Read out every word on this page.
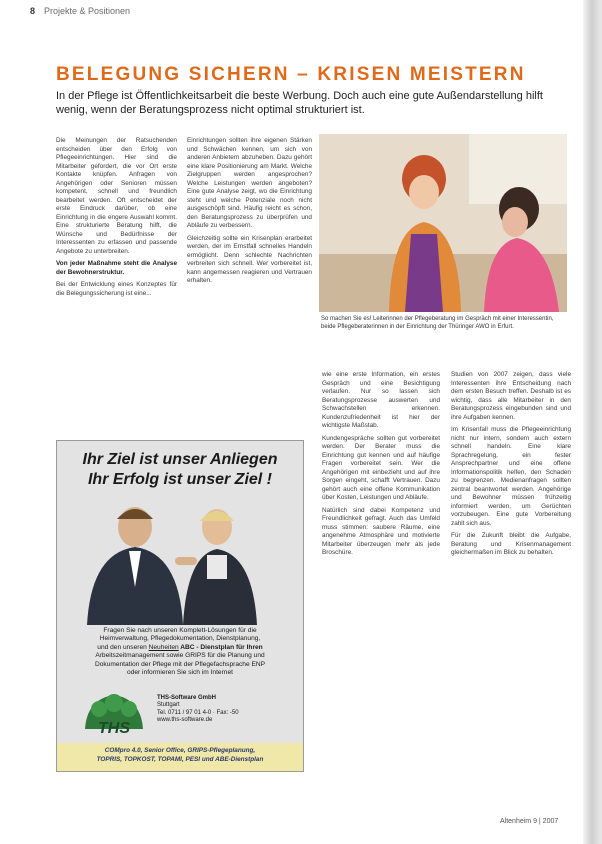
8 Projekte & Positionen
BELEGUNG SICHERN – KRISEN MEISTERN
In der Pflege ist Öffentlichkeitsarbeit die beste Werbung. Doch auch eine gute Außendarstellung hilft wenig, wenn der Beratungsprozess nicht optimal strukturiert ist.

Die Meinungen der Ratsuchenden entscheiden über den Erfolg von Pflegeeinrichtungen. Hier sind die Mitarbeiter gefordert, die vor Ort erste Kontakte knüpfen. Anfragen von Angehörigen oder Senioren müssen kompetent, schnell und freundlich bearbeitet werden. Oft entscheidet der erste Eindruck darüber, ob eine Einrichtung in die engere Auswahl kommt. Eine strukturierte Beratung hilft, die Wünsche und Bedürfnisse der Interessenten zu erfassen und passende Angebote zu unterbreiten.

Von jeder Maßnahme steht die Analyse der Bewohnerstruktur.

Bei der Entwicklung eines Konzeptes für die Belegungssicherung ist eine...

Einrichtungen sollten ihre eigenen Stärken und Schwächen kennen, um sich von anderen Anbietern abzuheben. Dazu gehört eine klare Positionierung am Markt. Welche Zielgruppen werden angesprochen? Welche Leistungen werden angeboten? Eine gute Analyse zeigt, wo die Einrichtung steht und welche Potenziale noch nicht ausgeschöpft sind. Häufig reicht es schon, den Beratungsprozess zu überprüfen und Abläufe zu verbessern.

Gleichzeitig sollte ein Krisenplan erarbeitet werden, der im Ernstfall schnelles Handeln ermöglicht. Denn schlechte Nachrichten verbreiten sich schnell. Wer vorbereitet ist, kann angemessen reagieren und Vertrauen erhalten.

So machen Sie es! Leiterinnen der Pflegeberatung im Gespräch mit einer Interessentin, beide Pflegeberaterinnen in der Einrichtung der Thüringer AWO in Erfurt.

wie eine erste Information, ein erstes Gespräch und eine Besichtigung verlaufen. Nur so lassen sich Beratungsprozesse auswerten und Schwachstellen erkennen. Kundenzufriedenheit ist hier der wichtigste Maßstab.

Kundengespräche sollten gut vorbereitet werden. Der Berater muss die Einrichtung gut kennen und auf häufige Fragen vorbereitet sein. Wer die Angehörigen mit einbezieht und auf ihre Sorgen eingeht, schafft Vertrauen. Dazu gehört auch eine offene Kommunikation über Kosten, Leistungen und Abläufe.

Natürlich sind dabei Kompetenz und Freundlichkeit gefragt. Auch das Umfeld muss stimmen: saubere Räume, eine angenehme Atmosphäre und motivierte Mitarbeiter überzeugen mehr als jede Broschüre.

Studien von 2007 zeigen, dass viele Interessenten ihre Entscheidung nach dem ersten Besuch treffen. Deshalb ist es wichtig, dass alle Mitarbeiter in den Beratungsprozess eingebunden sind und ihre Aufgaben kennen.

Im Krisenfall muss die Pflegeeinrichtung nicht nur intern, sondern auch extern schnell handeln. Eine klare Sprachregelung, ein fester Ansprechpartner und eine offene Informationspolitik helfen, den Schaden zu begrenzen. Medienanfragen sollten zentral beantwortet werden. Angehörige und Bewohner müssen frühzeitig informiert werden, um Gerüchten vorzubeugen. Eine gute Vorbereitung zahlt sich aus.

Für die Zukunft bleibt die Aufgabe, Beratung und Krisenmanagement gleichermaßen im Blick zu behalten.

Ihr Ziel ist unser Anliegen
Ihr Erfolg ist unser Ziel !
Fragen Sie nach unseren Komplett-Lösungen für die
Heimverwaltung, Pflegedokumentation, Dienstplanung,
und den unseren Neuheiten ABC - Dienstplan für Ihren
Arbeitszeitmanagement sowie GRIPS für die Planung und
Dokumentation der Pflege mit der Pflegefachsprache ENP
oder informieren Sie sich im Internet
THS
THS-Software GmbH
Stuttgart
Tel. 0711 / 97 01 4-0 · Fax: -50
www.ths-software.de
COMpro 4.0, Senior Office, GRIPS-Pflegeplanung,
TOPRIS, TOPKOST, TOPAMI, PESI und ABE-Dienstplan
Altenheim 9 | 2007
